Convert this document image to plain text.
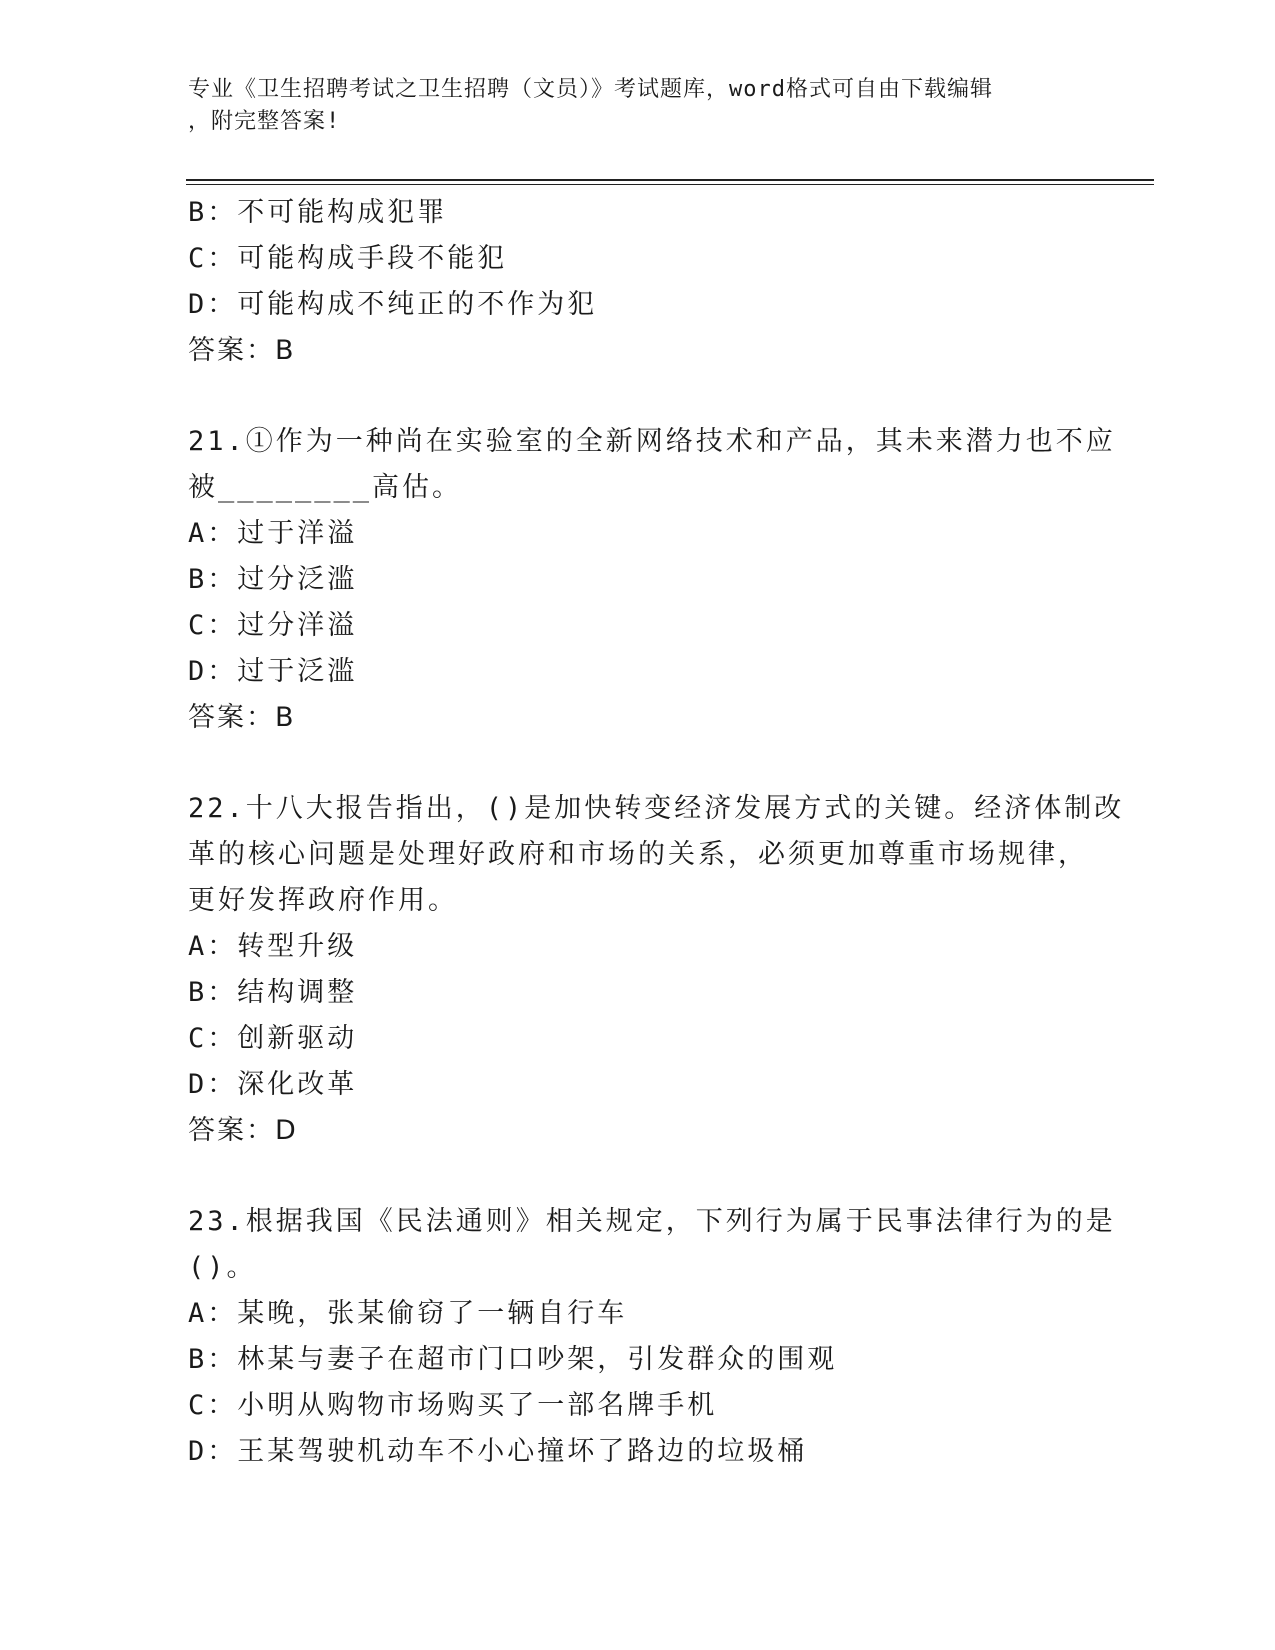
专业《卫生招聘考试之卫生招聘（文员）》考试题库，word格式可自由下载编辑
，附完整答案!
B：不可能构成犯罪
C：可能构成手段不能犯
D：可能构成不纯正的不作为犯
答案：B
21.①作为一种尚在实验室的全新网络技术和产品，其未来潜力也不应
被________高估。
A：过于洋溢
B：过分泛滥
C：过分洋溢
D：过于泛滥
答案：B
22.十八大报告指出，()是加快转变经济发展方式的关键。经济体制改
革的核心问题是处理好政府和市场的关系，必须更加尊重市场规律，
更好发挥政府作用。
A：转型升级
B：结构调整
C：创新驱动
D：深化改革
答案：D
23.根据我国《民法通则》相关规定，下列行为属于民事法律行为的是
()。
A：某晚，张某偷窃了一辆自行车
B：林某与妻子在超市门口吵架，引发群众的围观
C：小明从购物市场购买了一部名牌手机
D：王某驾驶机动车不小心撞坏了路边的垃圾桶
